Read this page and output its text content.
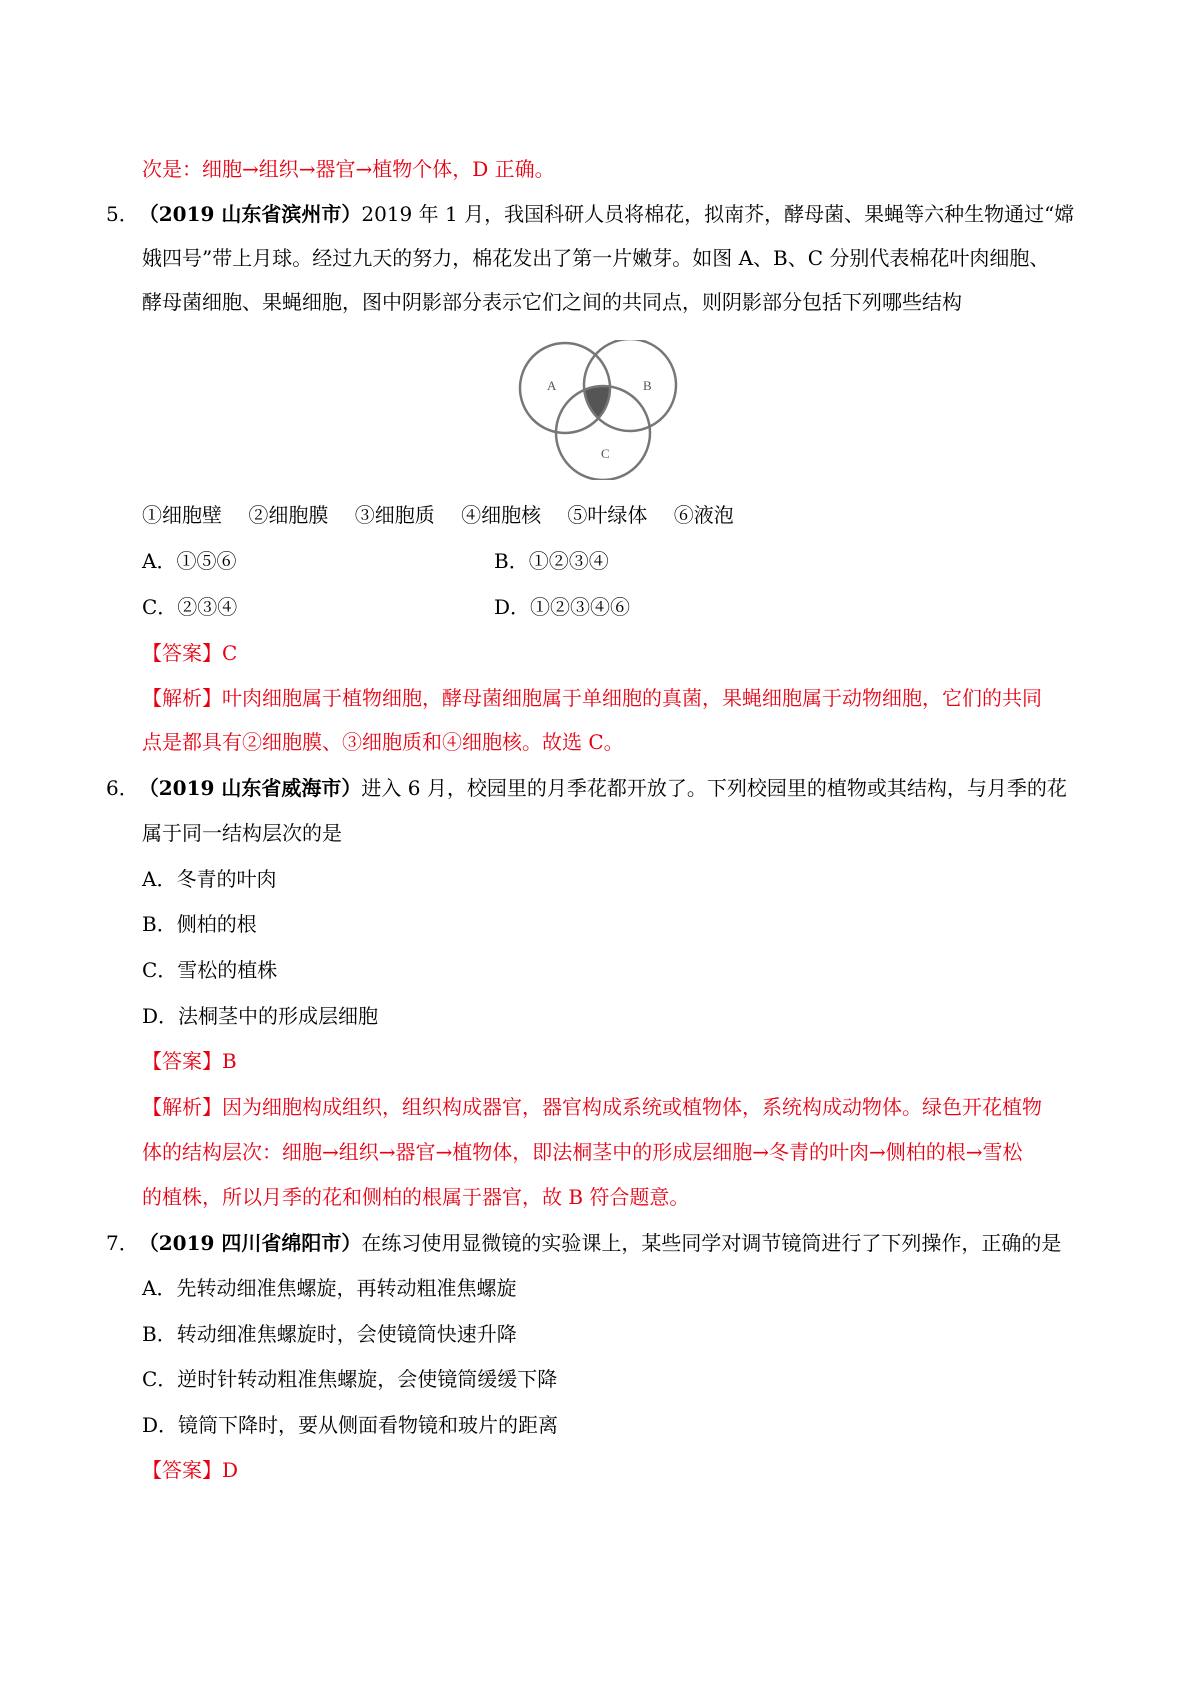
次是：细胞→组织→器官→植物个体，D 正确。
5．（2019 山东省滨州市）2019 年 1 月，我国科研人员将棉花，拟南芥，酵母菌、果蝇等六种生物通过“嫦
娥四号”带上月球。经过九天的努力，棉花发出了第一片嫩芽。如图 A、B、C 分别代表棉花叶肉细胞、
酵母菌细胞、果蝇细胞，图中阴影部分表示它们之间的共同点，则阴影部分包括下列哪些结构
A	B
C
①细胞壁　 ②细胞膜　 ③细胞质　 ④细胞核　 ⑤叶绿体　 ⑥液泡
A．①⑤⑥	B．①②③④
C．②③④	D．①②③④⑥
【答案】C
【解析】叶肉细胞属于植物细胞，酵母菌细胞属于单细胞的真菌，果蝇细胞属于动物细胞，它们的共同
点是都具有②细胞膜、③细胞质和④细胞核。故选 C。
6．（2019 山东省威海市）进入 6 月，校园里的月季花都开放了。下列校园里的植物或其结构，与月季的花
属于同一结构层次的是
A．冬青的叶肉
B．侧柏的根
C．雪松的植株
D．法桐茎中的形成层细胞
【答案】B
【解析】因为细胞构成组织，组织构成器官，器官构成系统或植物体，系统构成动物体。绿色开花植物
体的结构层次：细胞→组织→器官→植物体，即法桐茎中的形成层细胞→冬青的叶肉→侧柏的根→雪松
的植株，所以月季的花和侧柏的根属于器官，故 B 符合题意。
7．（2019 四川省绵阳市）在练习使用显微镜的实验课上，某些同学对调节镜筒进行了下列操作，正确的是
A．先转动细准焦螺旋，再转动粗准焦螺旋
B．转动细准焦螺旋时，会使镜筒快速升降
C．逆时针转动粗准焦螺旋，会使镜筒缓缓下降
D．镜筒下降时，要从侧面看物镜和玻片的距离
【答案】D
